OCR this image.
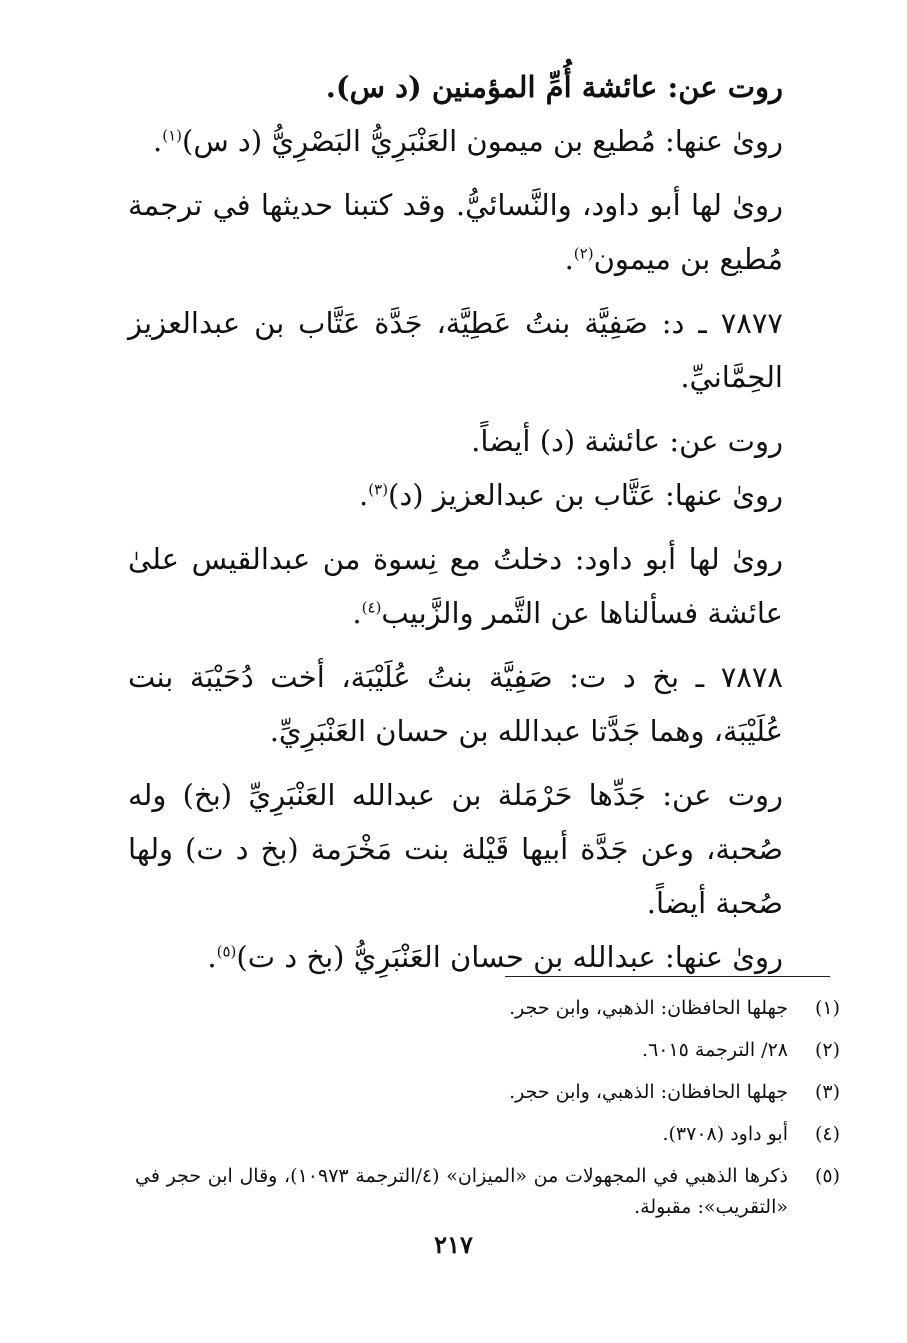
روت عن: عائشة أُمِّ المؤمنين (د س).
روىٰ عنها: مُطيع بن ميمون العَنْبَرِيُّ البَصْرِيُّ (د س)$^{(١)}$.

روىٰ لها أبو داود، والنَّسائيُّ. وقد كتبنا حديثها في ترجمة مُطيع بن ميمون$^{(٢)}$.

٧٨٧٧ ـ د: صَفِيَّة بنتُ عَطِيَّة، جَدَّة عَتَّاب بن عبدالعزيز الحِمَّانيِّ.

روت عن: عائشة (د) أيضاً.
روىٰ عنها: عَتَّاب بن عبدالعزيز (د)$^{(٣)}$.

روىٰ لها أبو داود: دخلتُ مع نِسوة من عبدالقيس علىٰ عائشة فسألناها عن التَّمر والزَّبيب$^{(٤)}$.

٧٨٧٨ ـ بخ د ت: صَفِيَّة بنتُ عُلَيْبَة، أخت دُحَيْبَة بنت عُلَيْبَة، وهما جَدَّتا عبدالله بن حسان العَنْبَرِيِّ.

روت عن: جَدِّها حَرْمَلة بن عبدالله العَنْبَرِيِّ (بخ) وله صُحبة، وعن جَدَّة أبيها قَيْلة بنت مَخْرَمة (بخ د ت) ولها صُحبة أيضاً.

روىٰ عنها: عبدالله بن حسان العَنْبَرِيُّ (بخ د ت)$^{(٥)}$.

(١)
جهلها الحافظان: الذهبي، وابن حجر.
(٢)
٢٨/ الترجمة ٦٠١٥.
(٣)
جهلها الحافظان: الذهبي، وابن حجر.
(٤)
أبو داود (٣٧٠٨).
(٥)
ذكرها الذهبي في المجهولات من «الميزان» (٤/الترجمة ١٠٩٧٣)، وقال ابن حجر في «التقريب»: مقبولة.
٢١٧
